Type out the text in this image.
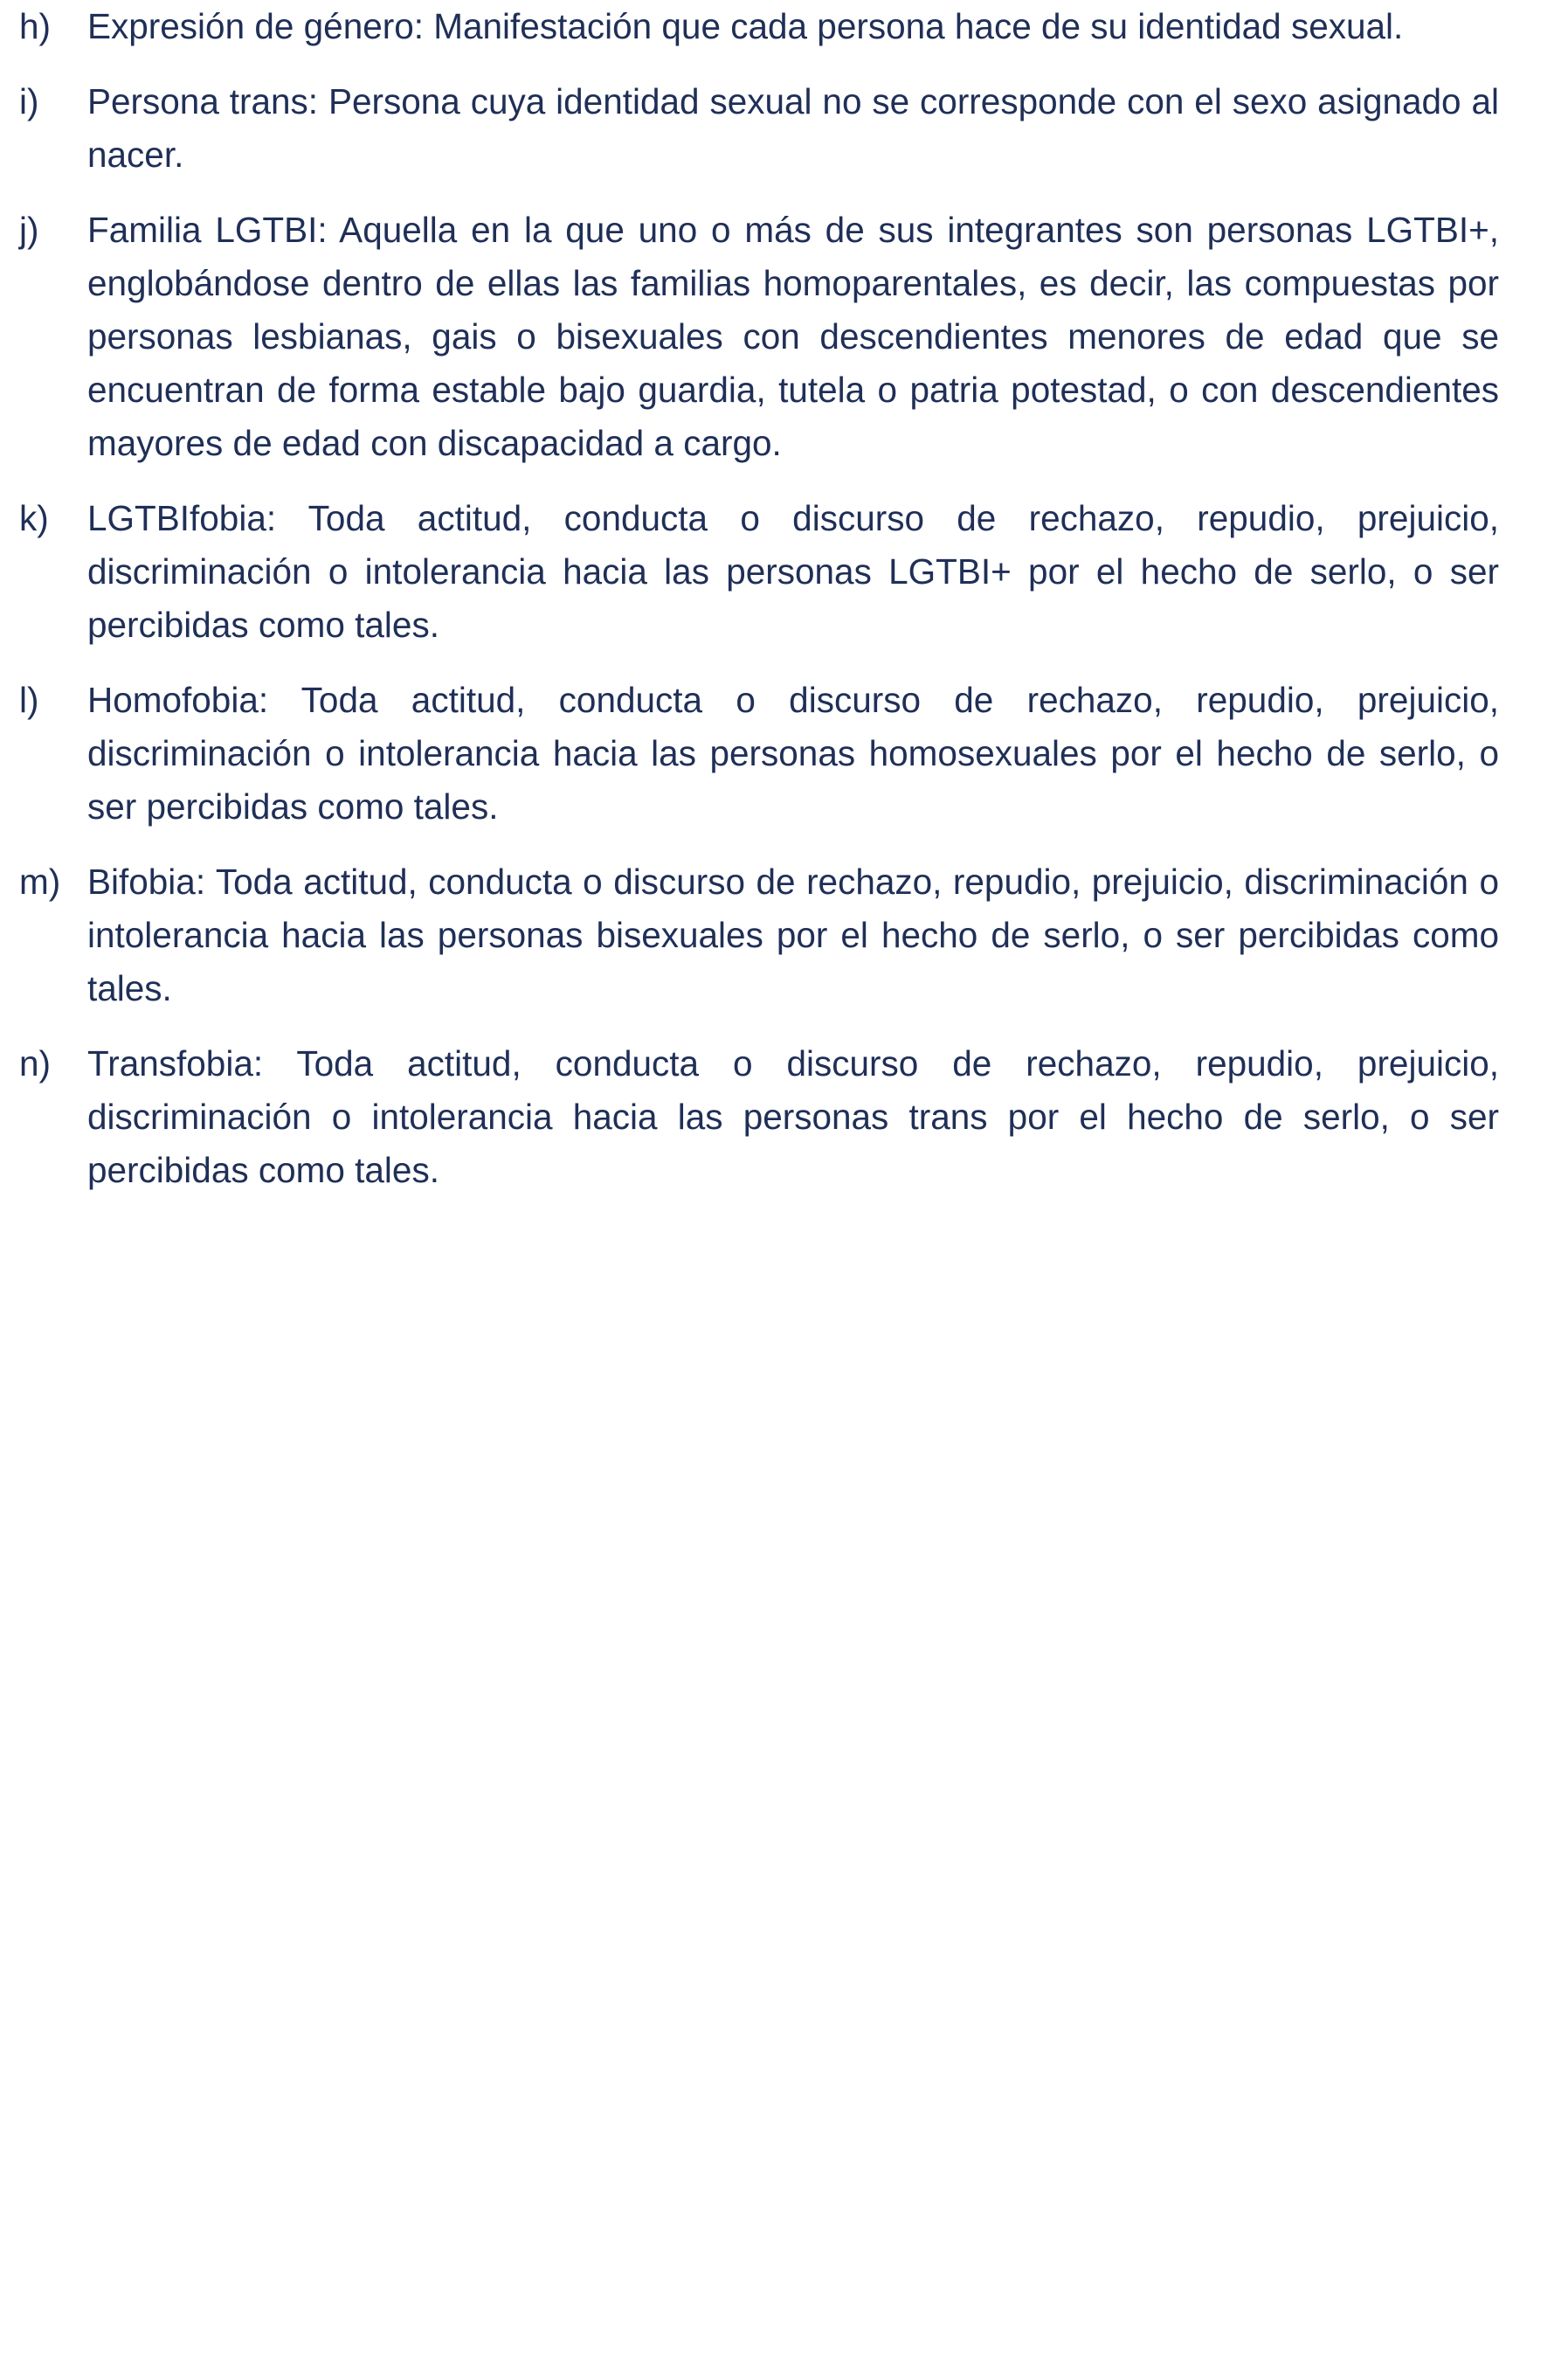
h)	Expresión de género: Manifestación que cada persona hace de su identidad sexual.
i)	Persona trans: Persona cuya identidad sexual no se corresponde con el sexo asignado al nacer.
j)	Familia LGTBI: Aquella en la que uno o más de sus integrantes son personas LGTBI+, englobándose dentro de ellas las familias homoparentales, es decir, las compuestas por personas lesbianas, gais o bisexuales con descendientes menores de edad que se encuentran de forma estable bajo guardia, tutela o patria potestad, o con descendientes mayores de edad con discapacidad a cargo.
k)	LGTBIfobia: Toda actitud, conducta o discurso de rechazo, repudio, prejuicio, discriminación o intolerancia hacia las personas LGTBI+ por el hecho de serlo, o ser percibidas como tales.
l)	Homofobia: Toda actitud, conducta o discurso de rechazo, repudio, prejuicio, discriminación o intolerancia hacia las personas homosexuales por el hecho de serlo, o ser percibidas como tales.
m) Bifobia: Toda actitud, conducta o discurso de rechazo, repudio, prejuicio, discriminación o intolerancia hacia las personas bisexuales por el hecho de serlo, o ser percibidas como tales.
n)	Transfobia: Toda actitud, conducta o discurso de rechazo, repudio, prejuicio, discriminación o intolerancia hacia las personas trans por el hecho de serlo, o ser percibidas como tales.
